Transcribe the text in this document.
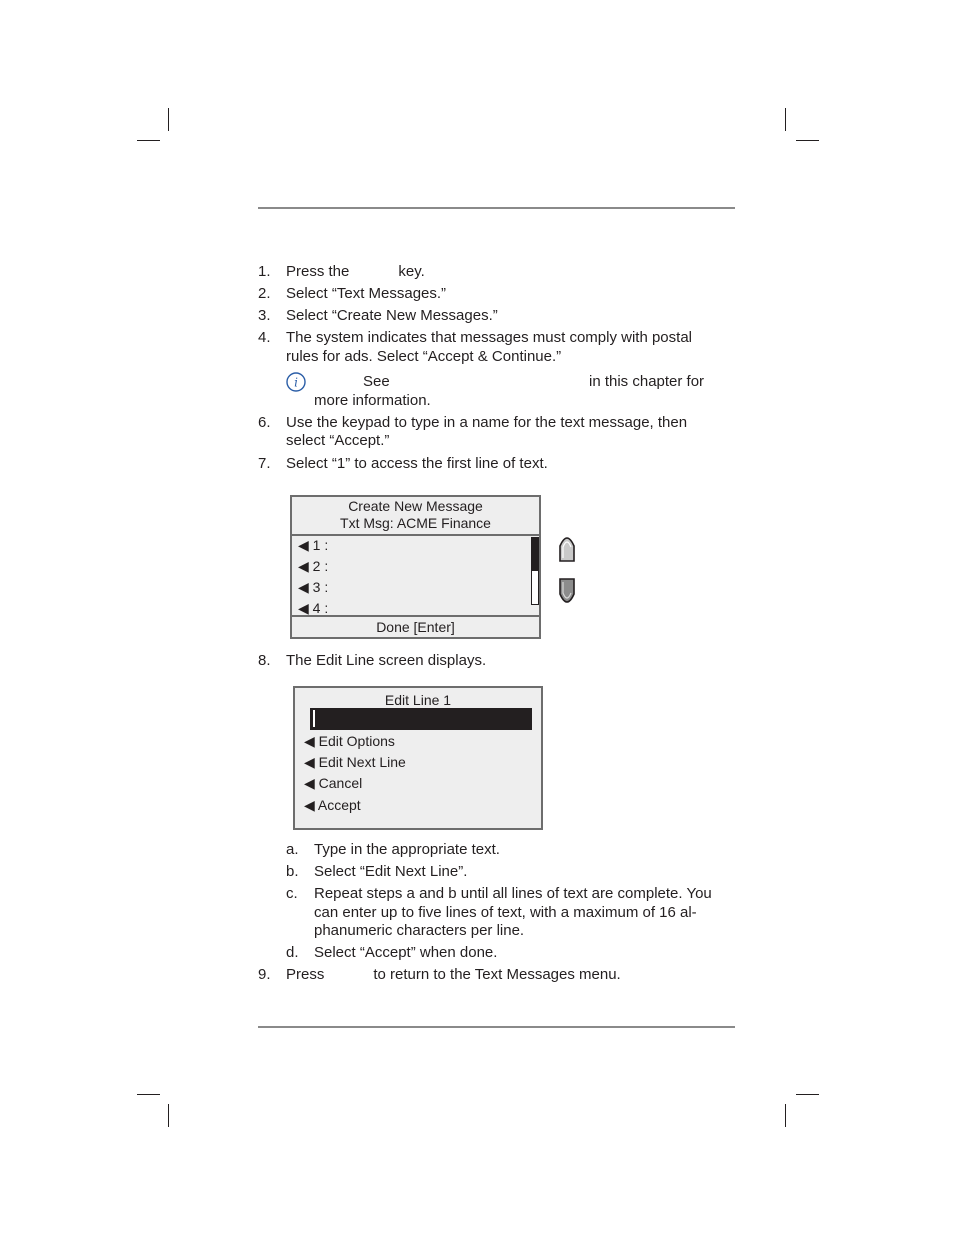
1.	Press the	key.
2.	Select “Text Messages.”
3.	Select “Create New Messages.”
4.	The system indicates that messages must comply with postal
rules for ads. Select “Accept & Continue.”
i	See	in this chapter for
more information.
6.	Use the keypad to type in a name for the text message, then
select “Accept.”
7.	Select “1” to access the first line of text.
Create New Message
Txt Msg: ACME Finance
◀ 1 :
◀ 2 :
◀ 3 :
◀ 4 :
Done [Enter]
8.	The Edit Line screen displays.
Edit Line 1
◀ Edit Options
◀ Edit Next Line
◀ Cancel
◀ Accept
a.	Type in the appropriate text.
b.	Select “Edit Next Line”.
c.	Repeat steps a and b until all lines of text are complete. You
can enter up to five lines of text, with a maximum of 16 al-
phanumeric characters per line.
d.	Select “Accept” when done.
9.	Press	to return to the Text Messages menu.
